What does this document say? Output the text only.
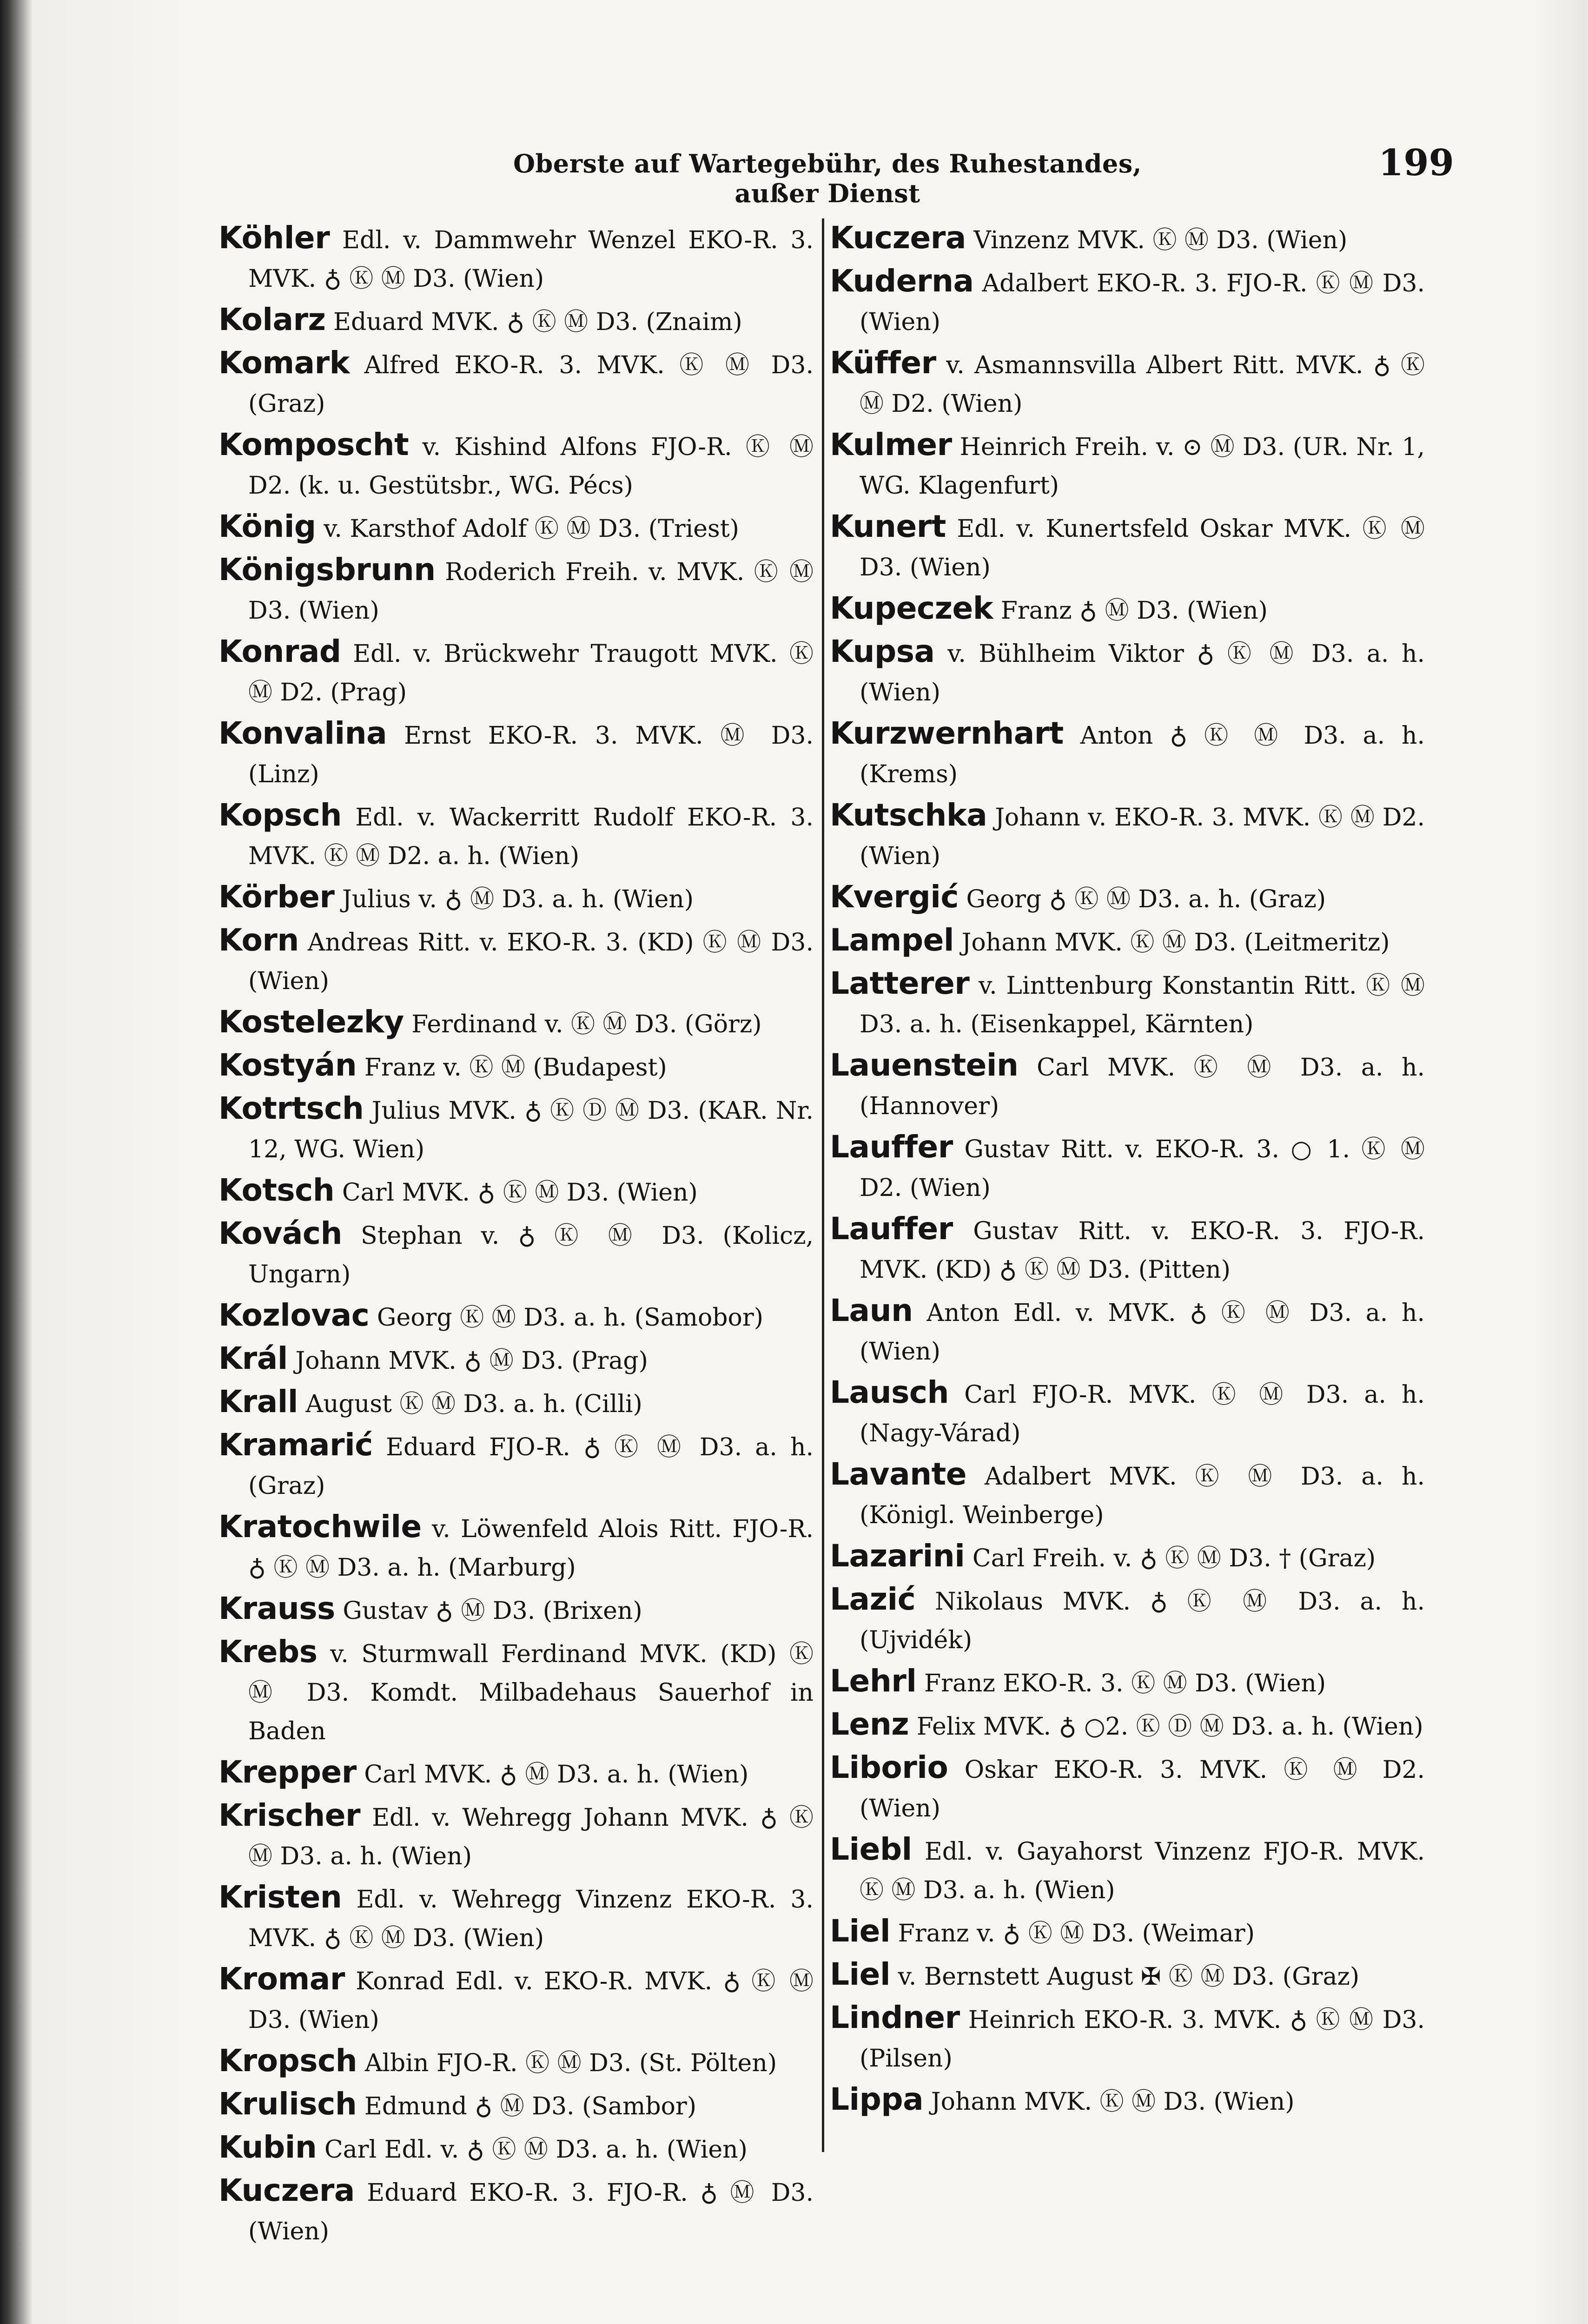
Oberste auf Wartegebühr, des Ruhestandes, außer Dienst
199
Köhler Edl. v. Dammwehr Wenzel EKO-R. 3. MVK. ♁ Ⓚ Ⓜ D3. (Wien)
Kolarz Eduard MVK. ♁ Ⓚ Ⓜ D3. (Znaim)
Komark Alfred EKO-R. 3. MVK. Ⓚ Ⓜ D3. (Graz)
Komposcht v. Kishind Alfons FJO-R. Ⓚ Ⓜ D2. (k. u. Gestütsbr., WG. Pécs)
König v. Karsthof Adolf Ⓚ Ⓜ D3. (Triest)
Königsbrunn Roderich Freih. v. MVK. Ⓚ Ⓜ D3. (Wien)
Konrad Edl. v. Brückwehr Traugott MVK. Ⓚ Ⓜ D2. (Prag)
Konvalina Ernst EKO-R. 3. MVK. Ⓜ D3. (Linz)
Kopsch Edl. v. Wackerritt Rudolf EKO-R. 3. MVK. Ⓚ Ⓜ D2. a. h. (Wien)
Körber Julius v. ♁ Ⓜ D3. a. h. (Wien)
Korn Andreas Ritt. v. EKO-R. 3. (KD) Ⓚ Ⓜ D3. (Wien)
Kostelezky Ferdinand v. Ⓚ Ⓜ D3. (Görz)
Kostyán Franz v. Ⓚ Ⓜ (Budapest)
Kotrtsch Julius MVK. ♁ Ⓚ Ⓓ Ⓜ D3. (KAR. Nr. 12, WG. Wien)
Kotsch Carl MVK. ♁ Ⓚ Ⓜ D3. (Wien)
Kovách Stephan v. ♁ Ⓚ Ⓜ D3. (Kolicz, Ungarn)
Kozlovac Georg Ⓚ Ⓜ D3. a. h. (Samobor)
Král Johann MVK. ♁ Ⓜ D3. (Prag)
Krall August Ⓚ Ⓜ D3. a. h. (Cilli)
Kramarić Eduard FJO-R. ♁ Ⓚ Ⓜ D3. a. h. (Graz)
Kratochwile v. Löwenfeld Alois Ritt. FJO-R. ♁ Ⓚ Ⓜ D3. a. h. (Marburg)
Krauss Gustav ♁ Ⓜ D3. (Brixen)
Krebs v. Sturmwall Ferdinand MVK. (KD) Ⓚ Ⓜ D3. Komdt. Milbadehaus Sauerhof in Baden
Krepper Carl MVK. ♁ Ⓜ D3. a. h. (Wien)
Krischer Edl. v. Wehregg Johann MVK. ♁ Ⓚ Ⓜ D3. a. h. (Wien)
Kristen Edl. v. Wehregg Vinzenz EKO-R. 3. MVK. ♁ Ⓚ Ⓜ D3. (Wien)
Kromar Konrad Edl. v. EKO-R. MVK. ♁ Ⓚ Ⓜ D3. (Wien)
Kropsch Albin FJO-R. Ⓚ Ⓜ D3. (St. Pölten)
Krulisch Edmund ♁ Ⓜ D3. (Sambor)
Kubin Carl Edl. v. ♁ Ⓚ Ⓜ D3. a. h. (Wien)
Kuczera Eduard EKO-R. 3. FJO-R. ♁ Ⓜ D3. (Wien)
Kuczera Vinzenz MVK. Ⓚ Ⓜ D3. (Wien)
Kuderna Adalbert EKO-R. 3. FJO-R. Ⓚ Ⓜ D3. (Wien)
Küffer v. Asmannsvilla Albert Ritt. MVK. ♁ Ⓚ Ⓜ D2. (Wien)
Kulmer Heinrich Freih. v. ⊙ Ⓜ D3. (UR. Nr. 1, WG. Klagenfurt)
Kunert Edl. v. Kunertsfeld Oskar MVK. Ⓚ Ⓜ D3. (Wien)
Kupeczek Franz ♁ Ⓜ D3. (Wien)
Kupsa v. Bühlheim Viktor ♁ Ⓚ Ⓜ D3. a. h. (Wien)
Kurzwernhart Anton ♁ Ⓚ Ⓜ D3. a. h. (Krems)
Kutschka Johann v. EKO-R. 3. MVK. Ⓚ Ⓜ D2. (Wien)
Kvergić Georg ♁ Ⓚ Ⓜ D3. a. h. (Graz)
Lampel Johann MVK. Ⓚ Ⓜ D3. (Leitmeritz)
Latterer v. Linttenburg Konstantin Ritt. Ⓚ Ⓜ D3. a. h. (Eisenkappel, Kärnten)
Lauenstein Carl MVK. Ⓚ Ⓜ D3. a. h. (Hannover)
Lauffer Gustav Ritt. v. EKO-R. 3. ○ 1. Ⓚ Ⓜ D2. (Wien)
Lauffer Gustav Ritt. v. EKO-R. 3. FJO-R. MVK. (KD) ♁ Ⓚ Ⓜ D3. (Pitten)
Laun Anton Edl. v. MVK. ♁ Ⓚ Ⓜ D3. a. h. (Wien)
Lausch Carl FJO-R. MVK. Ⓚ Ⓜ D3. a. h. (Nagy-Várad)
Lavante Adalbert MVK. Ⓚ Ⓜ D3. a. h. (Königl. Weinberge)
Lazarini Carl Freih. v. ♁ Ⓚ Ⓜ D3. † (Graz)
Lazić Nikolaus MVK. ♁ Ⓚ Ⓜ D3. a. h. (Ujvidék)
Lehrl Franz EKO-R. 3. Ⓚ Ⓜ D3. (Wien)
Lenz Felix MVK. ♁ ○2. Ⓚ Ⓓ Ⓜ D3. a. h. (Wien)
Liborio Oskar EKO-R. 3. MVK. Ⓚ Ⓜ D2. (Wien)
Liebl Edl. v. Gayahorst Vinzenz FJO-R. MVK. Ⓚ Ⓜ D3. a. h. (Wien)
Liel Franz v. ♁ Ⓚ Ⓜ D3. (Weimar)
Liel v. Bernstett August ✠ Ⓚ Ⓜ D3. (Graz)
Lindner Heinrich EKO-R. 3. MVK. ♁ Ⓚ Ⓜ D3. (Pilsen)
Lippa Johann MVK. Ⓚ Ⓜ D3. (Wien)
